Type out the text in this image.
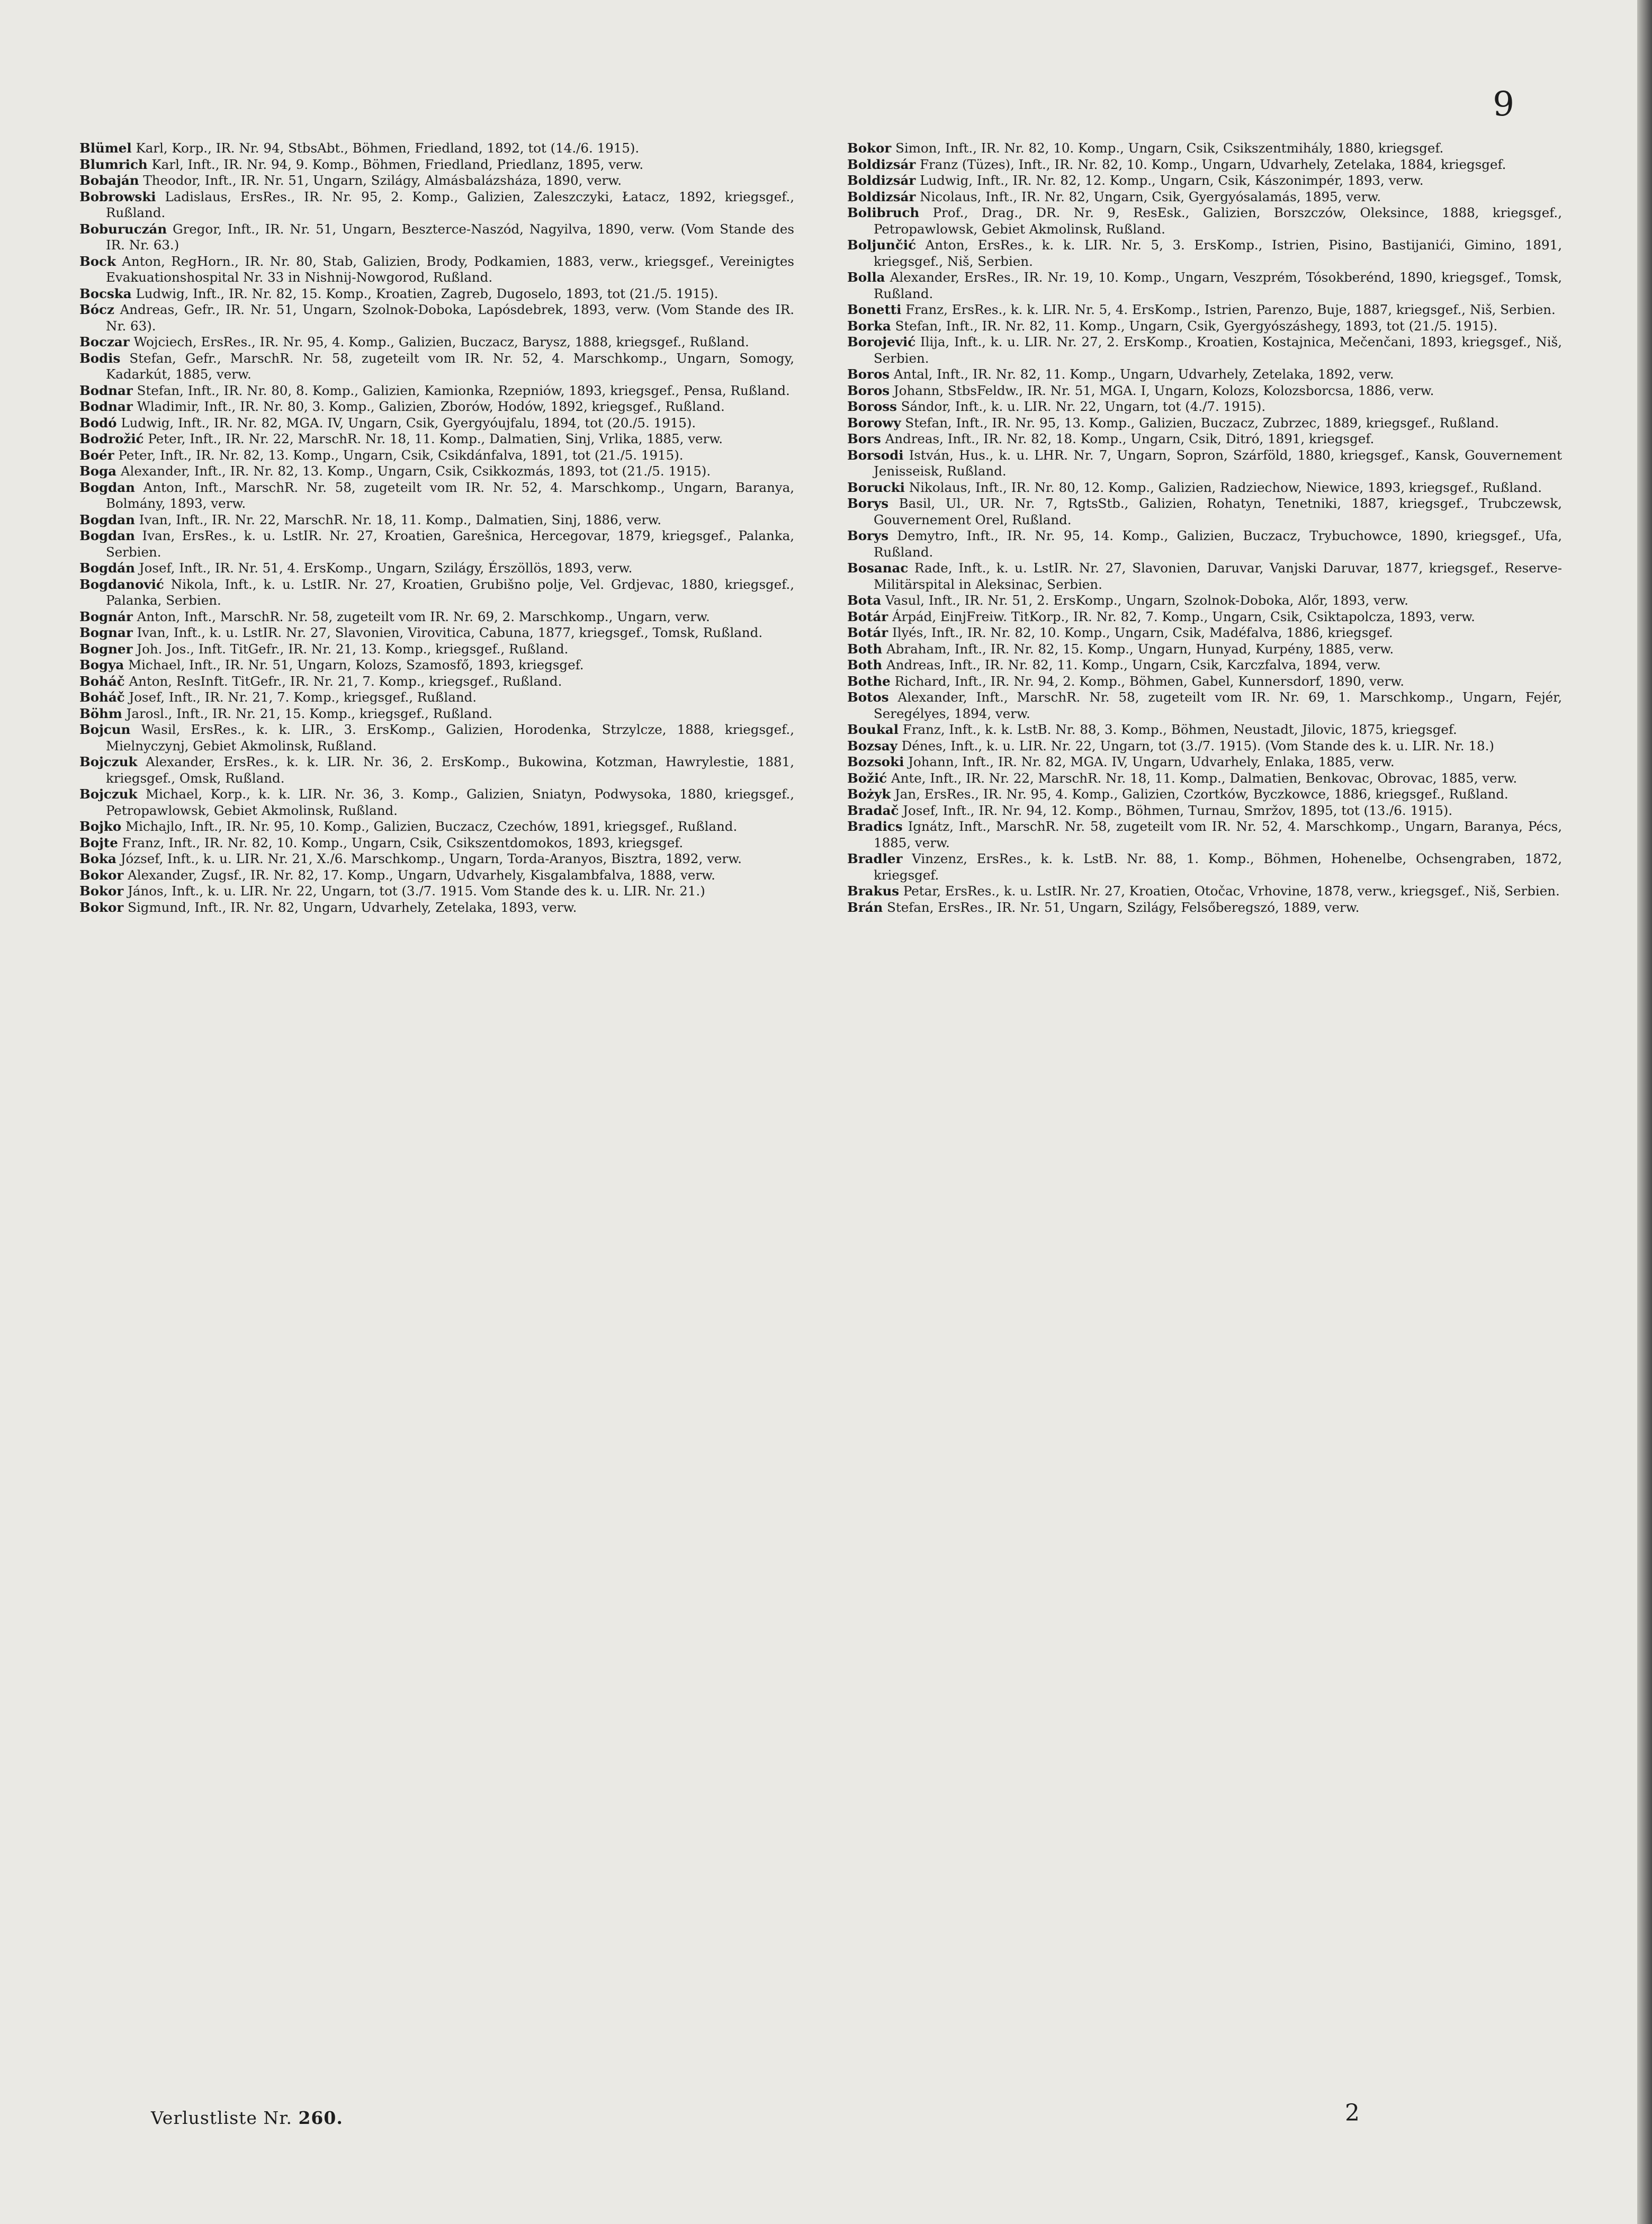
9

Blümel Karl, Korp., IR. Nr. 94, StbsAbt., Böhmen, Friedland, 1892, tot (14./6. 1915).

Blumrich Karl, Inft., IR. Nr. 94, 9. Komp., Böhmen, Friedland, Priedlanz, 1895, verw.

Bobaján Theodor, Inft., IR. Nr. 51, Ungarn, Szilágy, Almásbalázsháza, 1890, verw.

Bobrowski Ladislaus, ErsRes., IR. Nr. 95, 2. Komp., Galizien, Zaleszczyki, Łatacz, 1892, kriegsgef., Rußland.

Boburuczán Gregor, Inft., IR. Nr. 51, Ungarn, Beszterce-Naszód, Nagyilva, 1890, verw. (Vom Stande des IR. Nr. 63.)

Bock Anton, RegHorn., IR. Nr. 80, Stab, Galizien, Brody, Podkamien, 1883, verw., kriegsgef., Vereinigtes Evakuationshospital Nr. 33 in Nishnij-Nowgorod, Rußland.

Bocska Ludwig, Inft., IR. Nr. 82, 15. Komp., Kroatien, Zagreb, Dugoselo, 1893, tot (21./5. 1915).

Bócz Andreas, Gefr., IR. Nr. 51, Ungarn, Szolnok-Doboka, Lapósdebrek, 1893, verw. (Vom Stande des IR. Nr. 63).

Boczar Wojciech, ErsRes., IR. Nr. 95, 4. Komp., Galizien, Buczacz, Barysz, 1888, kriegsgef., Rußland.

Bodis Stefan, Gefr., MarschR. Nr. 58, zugeteilt vom IR. Nr. 52, 4. Marschkomp., Ungarn, Somogy, Kadarkút, 1885, verw.

Bodnar Stefan, Inft., IR. Nr. 80, 8. Komp., Galizien, Kamionka, Rzepniów, 1893, kriegsgef., Pensa, Rußland.

Bodnar Wladimir, Inft., IR. Nr. 80, 3. Komp., Galizien, Zborów, Hodów, 1892, kriegsgef., Rußland.

Bodó Ludwig, Inft., IR. Nr. 82, MGA. IV, Ungarn, Csik, Gyergyóujfalu, 1894, tot (20./5. 1915).

Bodrožić Peter, Inft., IR. Nr. 22, MarschR. Nr. 18, 11. Komp., Dalmatien, Sinj, Vrlika, 1885, verw.

Boér Peter, Inft., IR. Nr. 82, 13. Komp., Ungarn, Csik, Csikdánfalva, 1891, tot (21./5. 1915).

Boga Alexander, Inft., IR. Nr. 82, 13. Komp., Ungarn, Csik, Csikkozmás, 1893, tot (21./5. 1915).

Bogdan Anton, Inft., MarschR. Nr. 58, zugeteilt vom IR. Nr. 52, 4. Marschkomp., Ungarn, Baranya, Bolmány, 1893, verw.

Bogdan Ivan, Inft., IR. Nr. 22, MarschR. Nr. 18, 11. Komp., Dalmatien, Sinj, 1886, verw.

Bogdan Ivan, ErsRes., k. u. LstIR. Nr. 27, Kroatien, Garešnica, Hercegovar, 1879, kriegsgef., Palanka, Serbien.

Bogdán Josef, Inft., IR. Nr. 51, 4. ErsKomp., Ungarn, Szilágy, Érszöllös, 1893, verw.

Bogdanović Nikola, Inft., k. u. LstIR. Nr. 27, Kroatien, Grubišno polje, Vel. Grdjevac, 1880, kriegsgef., Palanka, Serbien.

Bognár Anton, Inft., MarschR. Nr. 58, zugeteilt vom IR. Nr. 69, 2. Marschkomp., Ungarn, verw.

Bognar Ivan, Inft., k. u. LstIR. Nr. 27, Slavonien, Virovitica, Cabuna, 1877, kriegsgef., Tomsk, Rußland.

Bogner Joh. Jos., Inft. TitGefr., IR. Nr. 21, 13. Komp., kriegsgef., Rußland.

Bogya Michael, Inft., IR. Nr. 51, Ungarn, Kolozs, Szamosfő, 1893, kriegsgef.

Boháč Anton, ResInft. TitGefr., IR. Nr. 21, 7. Komp., kriegsgef., Rußland.

Boháč Josef, Inft., IR. Nr. 21, 7. Komp., kriegsgef., Rußland.

Böhm Jarosl., Inft., IR. Nr. 21, 15. Komp., kriegsgef., Rußland.

Bojcun Wasil, ErsRes., k. k. LIR., 3. ErsKomp., Galizien, Horodenka, Strzylcze, 1888, kriegsgef., Mielnyczynj, Gebiet Akmolinsk, Rußland.

Bojczuk Alexander, ErsRes., k. k. LIR. Nr. 36, 2. ErsKomp., Bukowina, Kotzman, Hawrylestie, 1881, kriegsgef., Omsk, Rußland.

Bojczuk Michael, Korp., k. k. LIR. Nr. 36, 3. Komp., Galizien, Sniatyn, Podwysoka, 1880, kriegsgef., Petropawlowsk, Gebiet Akmolinsk, Rußland.

Bojko Michajlo, Inft., IR. Nr. 95, 10. Komp., Galizien, Buczacz, Czechów, 1891, kriegsgef., Rußland.

Bojte Franz, Inft., IR. Nr. 82, 10. Komp., Ungarn, Csik, Csikszentdomokos, 1893, kriegsgef.

Boka József, Inft., k. u. LIR. Nr. 21, X./6. Marschkomp., Ungarn, Torda-Aranyos, Bisztra, 1892, verw.

Bokor Alexander, Zugsf., IR. Nr. 82, 17. Komp., Ungarn, Udvarhely, Kisgalambfalva, 1888, verw.

Bokor János, Inft., k. u. LIR. Nr. 22, Ungarn, tot (3./7. 1915. Vom Stande des k. u. LIR. Nr. 21.)

Bokor Sigmund, Inft., IR. Nr. 82, Ungarn, Udvarhely, Zetelaka, 1893, verw.

Bokor Simon, Inft., IR. Nr. 82, 10. Komp., Ungarn, Csik, Csikszentmihály, 1880, kriegsgef.

Boldizsár Franz (Tüzes), Inft., IR. Nr. 82, 10. Komp., Ungarn, Udvarhely, Zetelaka, 1884, kriegsgef.

Boldizsár Ludwig, Inft., IR. Nr. 82, 12. Komp., Ungarn, Csik, Kászonimpér, 1893, verw.

Boldizsár Nicolaus, Inft., IR. Nr. 82, Ungarn, Csik, Gyergyósalamás, 1895, verw.

Bolibruch Prof., Drag., DR. Nr. 9, ResEsk., Galizien, Borszczów, Oleksince, 1888, kriegsgef., Petropawlowsk, Gebiet Akmolinsk, Rußland.

Boljunčić Anton, ErsRes., k. k. LIR. Nr. 5, 3. ErsKomp., Istrien, Pisino, Bastijanići, Gimino, 1891, kriegsgef., Niš, Serbien.

Bolla Alexander, ErsRes., IR. Nr. 19, 10. Komp., Ungarn, Veszprém, Tósokberénd, 1890, kriegsgef., Tomsk, Rußland.

Bonetti Franz, ErsRes., k. k. LIR. Nr. 5, 4. ErsKomp., Istrien, Parenzo, Buje, 1887, kriegsgef., Niš, Serbien.

Borka Stefan, Inft., IR. Nr. 82, 11. Komp., Ungarn, Csik, Gyergyószáshegy, 1893, tot (21./5. 1915).

Borojević Ilija, Inft., k. u. LIR. Nr. 27, 2. ErsKomp., Kroatien, Kostajnica, Mečenčani, 1893, kriegsgef., Niš, Serbien.

Boros Antal, Inft., IR. Nr. 82, 11. Komp., Ungarn, Udvarhely, Zetelaka, 1892, verw.

Boros Johann, StbsFeldw., IR. Nr. 51, MGA. I, Ungarn, Kolozs, Kolozsborcsa, 1886, verw.

Boross Sándor, Inft., k. u. LIR. Nr. 22, Ungarn, tot (4./7. 1915).

Borowy Stefan, Inft., IR. Nr. 95, 13. Komp., Galizien, Buczacz, Zubrzec, 1889, kriegsgef., Rußland.

Bors Andreas, Inft., IR. Nr. 82, 18. Komp., Ungarn, Csik, Ditró, 1891, kriegsgef.

Borsodi István, Hus., k. u. LHR. Nr. 7, Ungarn, Sopron, Szárföld, 1880, kriegsgef., Kansk, Gouvernement Jenisseisk, Rußland.

Borucki Nikolaus, Inft., IR. Nr. 80, 12. Komp., Galizien, Radziechow, Niewice, 1893, kriegsgef., Rußland.

Borys Basil, Ul., UR. Nr. 7, RgtsStb., Galizien, Rohatyn, Tenetniki, 1887, kriegsgef., Trubczewsk, Gouvernement Orel, Rußland.

Borys Demytro, Inft., IR. Nr. 95, 14. Komp., Galizien, Buczacz, Trybuchowce, 1890, kriegsgef., Ufa, Rußland.

Bosanac Rade, Inft., k. u. LstIR. Nr. 27, Slavonien, Daruvar, Vanjski Daruvar, 1877, kriegsgef., Reserve-Militärspital in Aleksinac, Serbien.

Bota Vasul, Inft., IR. Nr. 51, 2. ErsKomp., Ungarn, Szolnok-Doboka, Alőr, 1893, verw.

Botár Árpád, EinjFreiw. TitKorp., IR. Nr. 82, 7. Komp., Ungarn, Csik, Csiktapolcza, 1893, verw.

Botár Ilyés, Inft., IR. Nr. 82, 10. Komp., Ungarn, Csik, Madéfalva, 1886, kriegsgef.

Both Abraham, Inft., IR. Nr. 82, 15. Komp., Ungarn, Hunyad, Kurpény, 1885, verw.

Both Andreas, Inft., IR. Nr. 82, 11. Komp., Ungarn, Csik, Karczfalva, 1894, verw.

Bothe Richard, Inft., IR. Nr. 94, 2. Komp., Böhmen, Gabel, Kunnersdorf, 1890, verw.

Botos Alexander, Inft., MarschR. Nr. 58, zugeteilt vom IR. Nr. 69, 1. Marschkomp., Ungarn, Fejér, Seregélyes, 1894, verw.

Boukal Franz, Inft., k. k. LstB. Nr. 88, 3. Komp., Böhmen, Neustadt, Jilovic, 1875, kriegsgef.

Bozsay Dénes, Inft., k. u. LIR. Nr. 22, Ungarn, tot (3./7. 1915). (Vom Stande des k. u. LIR. Nr. 18.)

Bozsoki Johann, Inft., IR. Nr. 82, MGA. IV, Ungarn, Udvarhely, Enlaka, 1885, verw.

Božić Ante, Inft., IR. Nr. 22, MarschR. Nr. 18, 11. Komp., Dalmatien, Benkovac, Obrovac, 1885, verw.

Bożyk Jan, ErsRes., IR. Nr. 95, 4. Komp., Galizien, Czortków, Byczkowce, 1886, kriegsgef., Rußland.

Bradač Josef, Inft., IR. Nr. 94, 12. Komp., Böhmen, Turnau, Smržov, 1895, tot (13./6. 1915).

Bradics Ignátz, Inft., MarschR. Nr. 58, zugeteilt vom IR. Nr. 52, 4. Marschkomp., Ungarn, Baranya, Pécs, 1885, verw.

Bradler Vinzenz, ErsRes., k. k. LstB. Nr. 88, 1. Komp., Böhmen, Hohenelbe, Ochsengraben, 1872, kriegsgef.

Brakus Petar, ErsRes., k. u. LstIR. Nr. 27, Kroatien, Otočac, Vrhovine, 1878, verw., kriegsgef., Niš, Serbien.

Brán Stefan, ErsRes., IR. Nr. 51, Ungarn, Szilágy, Felsőberegszó, 1889, verw.

Verlustliste Nr. 260.	2
